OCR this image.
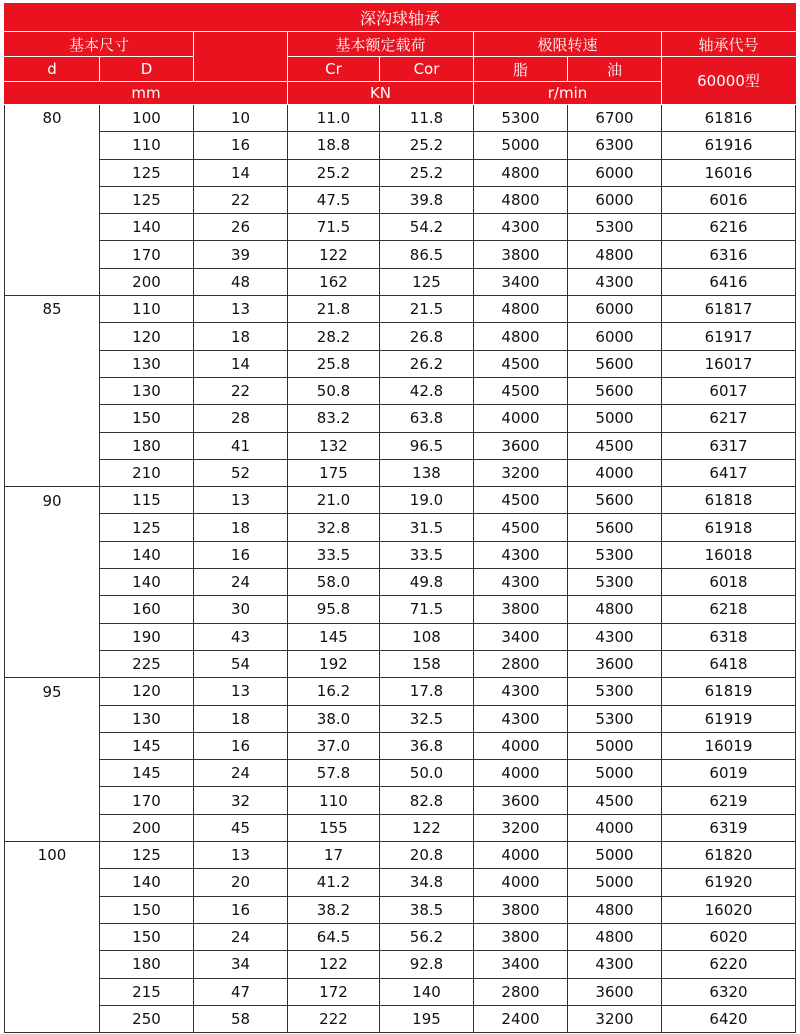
深沟球轴承							
基本尺寸			基本额定载荷		极限转速		轴承代号
d	D		Cr	Cor	脂	油	60000型
mm			KN		r/min		
80	100	10	11.0	11.8	5300	6700	61816
	110	16	18.8	25.2	5000	6300	61916
	125	14	25.2	25.2	4800	6000	16016
	125	22	47.5	39.8	4800	6000	6016
	140	26	71.5	54.2	4300	5300	6216
	170	39	122	86.5	3800	4800	6316
	200	48	162	125	3400	4300	6416
85	110	13	21.8	21.5	4800	6000	61817
	120	18	28.2	26.8	4800	6000	61917
	130	14	25.8	26.2	4500	5600	16017
	130	22	50.8	42.8	4500	5600	6017
	150	28	83.2	63.8	4000	5000	6217
	180	41	132	96.5	3600	4500	6317
	210	52	175	138	3200	4000	6417
90	115	13	21.0	19.0	4500	5600	61818
	125	18	32.8	31.5	4500	5600	61918
	140	16	33.5	33.5	4300	5300	16018
	140	24	58.0	49.8	4300	5300	6018
	160	30	95.8	71.5	3800	4800	6218
	190	43	145	108	3400	4300	6318
	225	54	192	158	2800	3600	6418
95	120	13	16.2	17.8	4300	5300	61819
	130	18	38.0	32.5	4300	5300	61919
	145	16	37.0	36.8	4000	5000	16019
	145	24	57.8	50.0	4000	5000	6019
	170	32	110	82.8	3600	4500	6219
	200	45	155	122	3200	4000	6319
100	125	13	17	20.8	4000	5000	61820
	140	20	41.2	34.8	4000	5000	61920
	150	16	38.2	38.5	3800	4800	16020
	150	24	64.5	56.2	3800	4800	6020
	180	34	122	92.8	3400	4300	6220
	215	47	172	140	2800	3600	6320
	250	58	222	195	2400	3200	6420
